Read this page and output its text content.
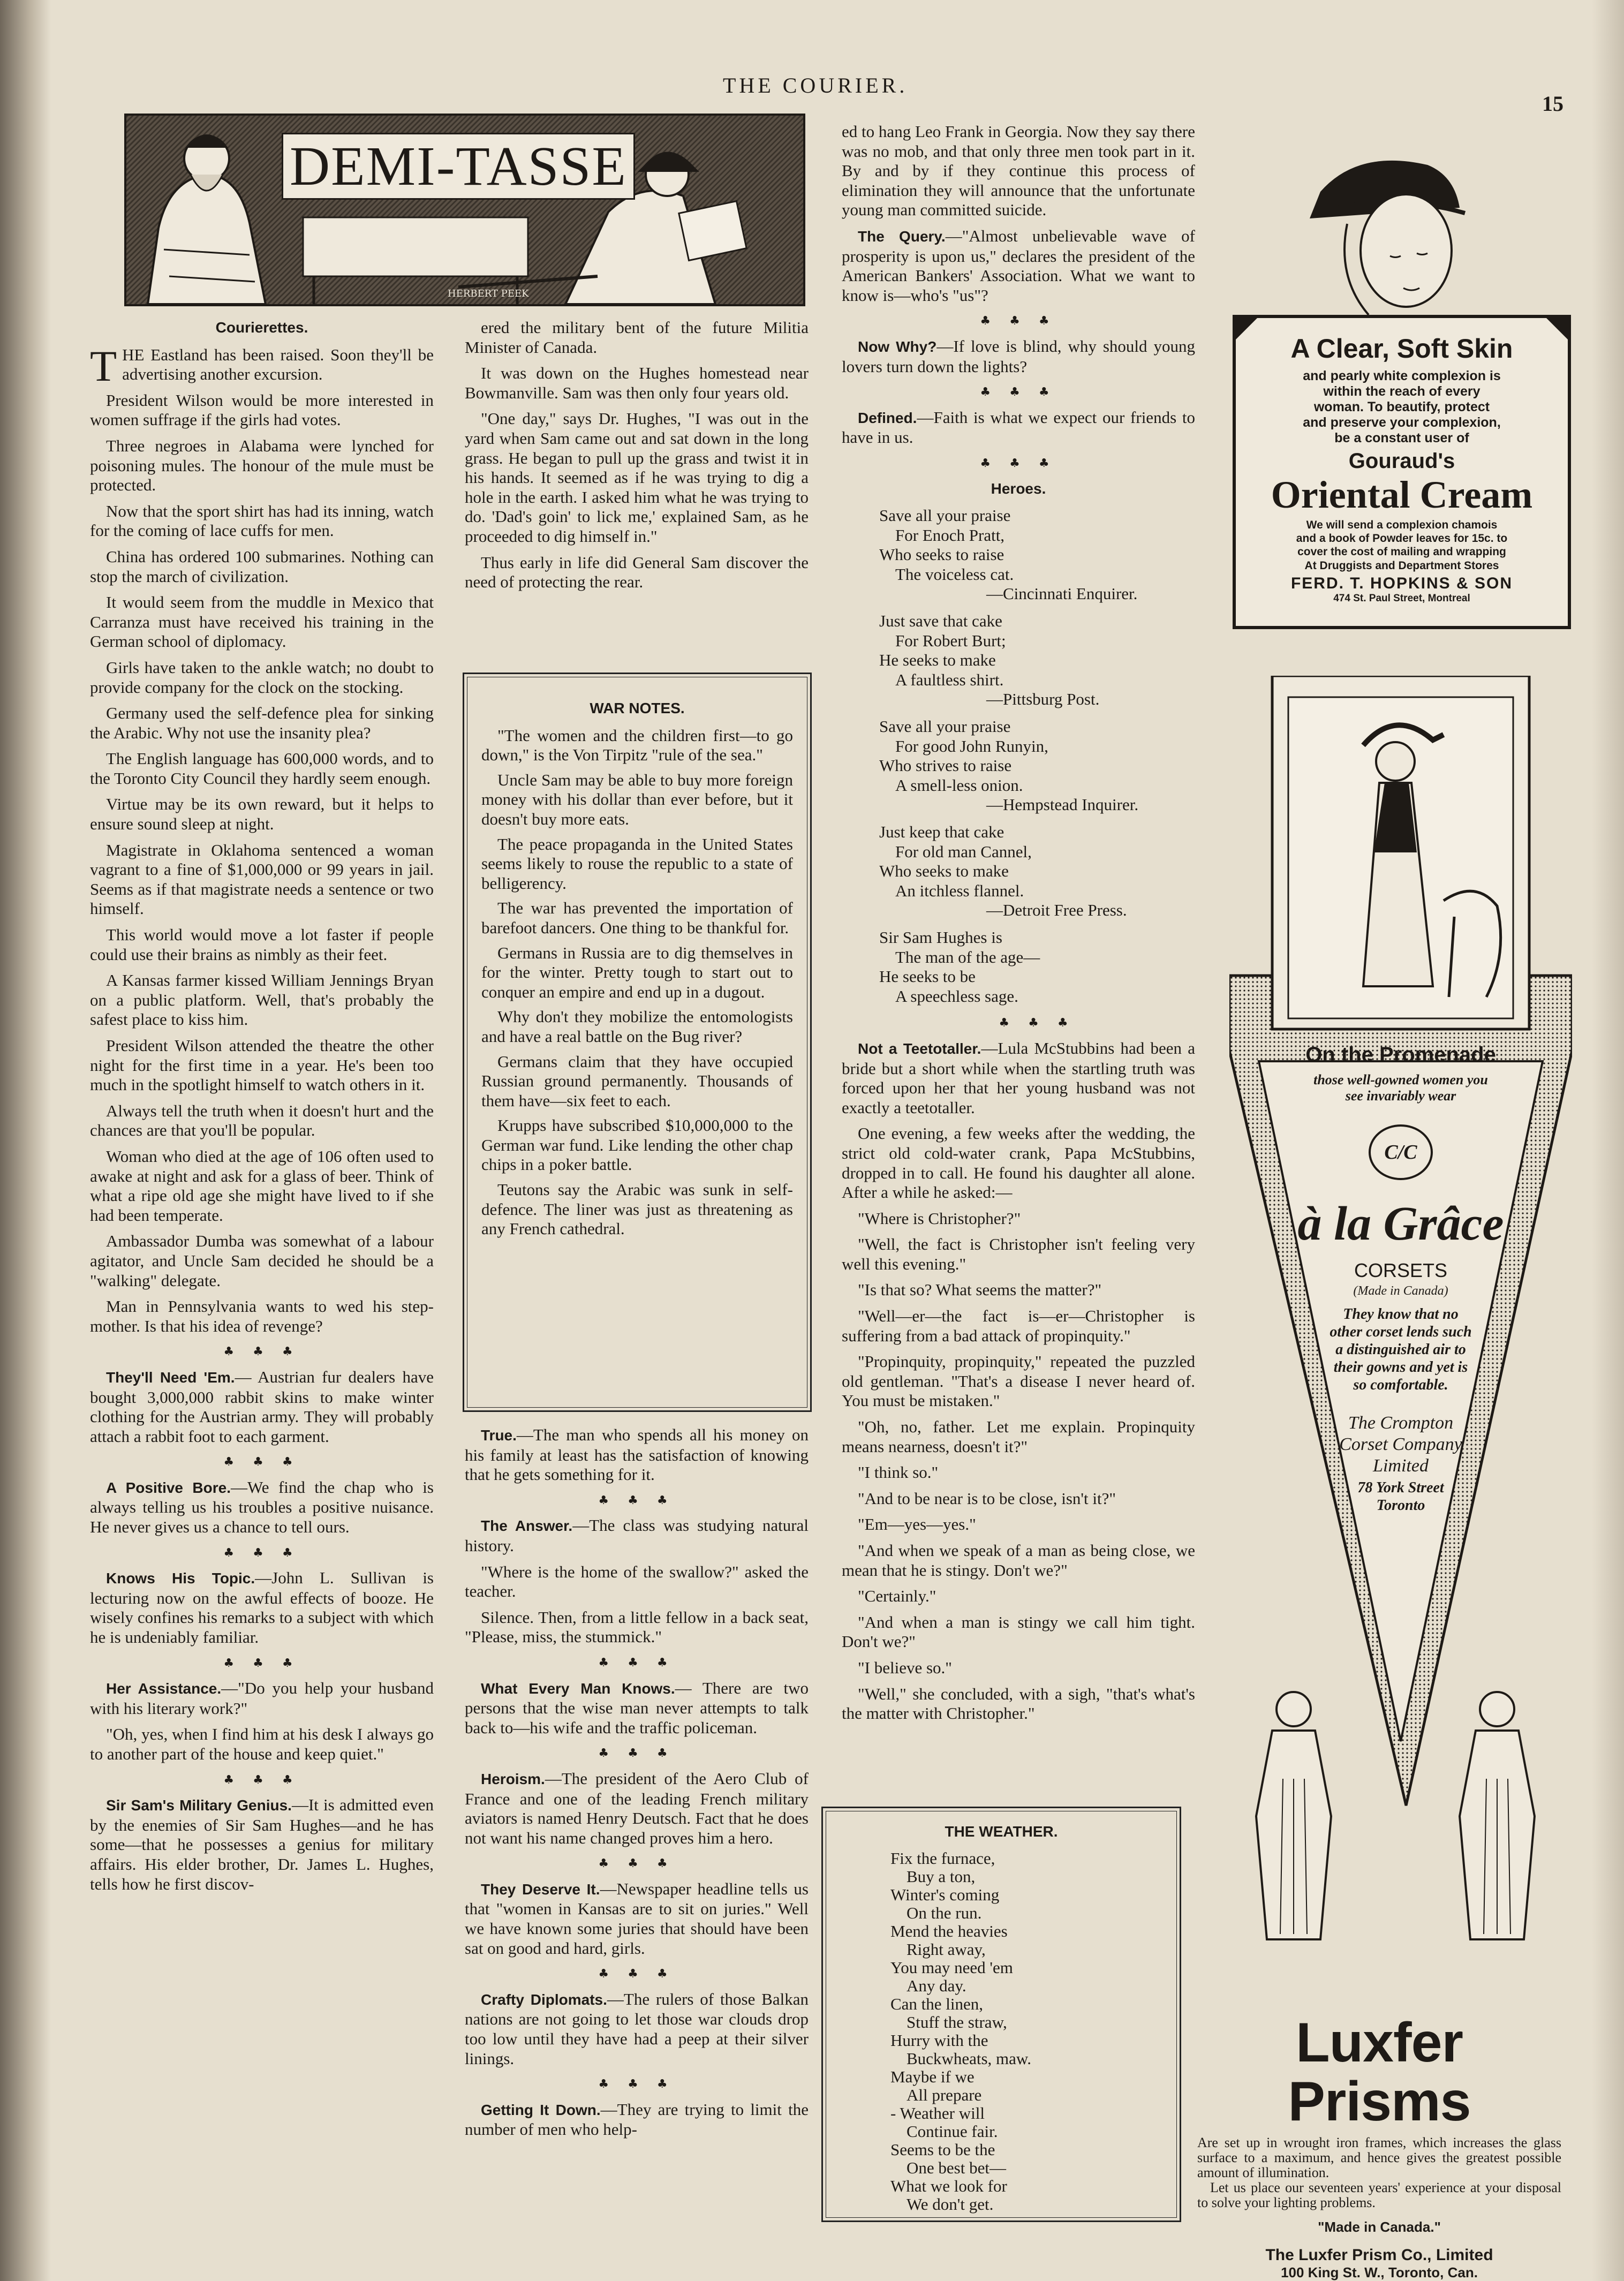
THE COURIER.
15
HERBERT PEEK
DEMI-TASSE
Courierettes.

THE Eastland has been raised. Soon they'll be advertising another excursion.

President Wilson would be more interested in women suffrage if the girls had votes.

Three negroes in Alabama were lynched for poisoning mules. The honour of the mule must be protected.

Now that the sport shirt has had its inning, watch for the coming of lace cuffs for men.

China has ordered 100 submarines. Nothing can stop the march of civilization.

It would seem from the muddle in Mexico that Carranza must have received his training in the German school of diplomacy.

Girls have taken to the ankle watch; no doubt to provide company for the clock on the stocking.

Germany used the self-defence plea for sinking the Arabic. Why not use the insanity plea?

The English language has 600,000 words, and to the Toronto City Council they hardly seem enough.

Virtue may be its own reward, but it helps to ensure sound sleep at night.

Magistrate in Oklahoma sentenced a woman vagrant to a fine of $1,000,000 or 99 years in jail. Seems as if that magistrate needs a sentence or two himself.

This world would move a lot faster if people could use their brains as nimbly as their feet.

A Kansas farmer kissed William Jennings Bryan on a public platform. Well, that's probably the safest place to kiss him.

President Wilson attended the theatre the other night for the first time in a year. He's been too much in the spotlight himself to watch others in it.

Always tell the truth when it doesn't hurt and the chances are that you'll be popular.

Woman who died at the age of 106 often used to awake at night and ask for a glass of beer. Think of what a ripe old age she might have lived to if she had been temperate.

Ambassador Dumba was somewhat of a labour agitator, and Uncle Sam decided he should be a "walking" delegate.

Man in Pennsylvania wants to wed his step-mother. Is that his idea of revenge?

♣ ♣ ♣

They'll Need 'Em.— Austrian fur dealers have bought 3,000,000 rabbit skins to make winter clothing for the Austrian army. They will probably attach a rabbit foot to each garment.

♣ ♣ ♣

A Positive Bore.—We find the chap who is always telling us his troubles a positive nuisance. He never gives us a chance to tell ours.

♣ ♣ ♣

Knows His Topic.—John L. Sullivan is lecturing now on the awful effects of booze. He wisely confines his remarks to a subject with which he is undeniably familiar.

♣ ♣ ♣

Her Assistance.—"Do you help your husband with his literary work?"

"Oh, yes, when I find him at his desk I always go to another part of the house and keep quiet."

♣ ♣ ♣

Sir Sam's Military Genius.—It is admitted even by the enemies of Sir Sam Hughes—and he has some—that he possesses a genius for military affairs. His elder brother, Dr. James L. Hughes, tells how he first discov-

ered the military bent of the future Militia Minister of Canada.

It was down on the Hughes homestead near Bowmanville. Sam was then only four years old.

"One day," says Dr. Hughes, "I was out in the yard when Sam came out and sat down in the long grass. He began to pull up the grass and twist it in his hands. It seemed as if he was trying to dig a hole in the earth. I asked him what he was trying to do. 'Dad's goin' to lick me,' explained Sam, as he proceeded to dig himself in."

Thus early in life did General Sam discover the need of protecting the rear.

WAR NOTES.

"The women and the children first—to go down," is the Von Tirpitz "rule of the sea."

Uncle Sam may be able to buy more foreign money with his dollar than ever before, but it doesn't buy more eats.

The peace propaganda in the United States seems likely to rouse the republic to a state of belligerency.

The war has prevented the importation of barefoot dancers. One thing to be thankful for.

Germans in Russia are to dig themselves in for the winter. Pretty tough to start out to conquer an empire and end up in a dugout.

Why don't they mobilize the entomologists and have a real battle on the Bug river?

Germans claim that they have occupied Russian ground permanently. Thousands of them have—six feet to each.

Krupps have subscribed $10,000,000 to the German war fund. Like lending the other chap chips in a poker battle.

Teutons say the Arabic was sunk in self-defence. The liner was just as threatening as any French cathedral.

True.—The man who spends all his money on his family at least has the satisfaction of knowing that he gets something for it.

♣ ♣ ♣

The Answer.—The class was studying natural history.

"Where is the home of the swallow?" asked the teacher.

Silence. Then, from a little fellow in a back seat, "Please, miss, the stummick."

♣ ♣ ♣

What Every Man Knows.— There are two persons that the wise man never attempts to talk back to—his wife and the traffic policeman.

♣ ♣ ♣

Heroism.—The president of the Aero Club of France and one of the leading French military aviators is named Henry Deutsch. Fact that he does not want his name changed proves him a hero.

♣ ♣ ♣

They Deserve It.—Newspaper headline tells us that "women in Kansas are to sit on juries." Well we have known some juries that should have been sat on good and hard, girls.

♣ ♣ ♣

Crafty Diplomats.—The rulers of those Balkan nations are not going to let those war clouds drop too low until they have had a peep at their silver linings.

♣ ♣ ♣

Getting It Down.—They are trying to limit the number of men who help-

ed to hang Leo Frank in Georgia. Now they say there was no mob, and that only three men took part in it. By and by if they continue this process of elimination they will announce that the unfortunate young man committed suicide.

The Query.—"Almost unbelievable wave of prosperity is upon us," declares the president of the American Bankers' Association. What we want to know is—who's "us"?

♣ ♣ ♣

Now Why?—If love is blind, why should young lovers turn down the lights?

♣ ♣ ♣

Defined.—Faith is what we expect our friends to have in us.

♣ ♣ ♣
Heroes.
Save all your praise
For Enoch Pratt,
Who seeks to raise
The voiceless cat.
—Cincinnati Enquirer.
Just save that cake
For Robert Burt;
He seeks to make
A faultless shirt.
—Pittsburg Post.
Save all your praise
For good John Runyin,
Who strives to raise
A smell-less onion.
—Hempstead Inquirer.
Just keep that cake
For old man Cannel,
Who seeks to make
An itchless flannel.
—Detroit Free Press.
Sir Sam Hughes is
The man of the age—
He seeks to be
A speechless sage.
♣ ♣ ♣

Not a Teetotaller.—Lula McStubbins had been a bride but a short while when the startling truth was forced upon her that her young husband was not exactly a teetotaller.

One evening, a few weeks after the wedding, the strict old cold-water crank, Papa McStubbins, dropped in to call. He found his daughter all alone. After a while he asked:—

"Where is Christopher?"

"Well, the fact is Christopher isn't feeling very well this evening."

"Is that so? What seems the matter?"

"Well—er—the fact is—er—Christopher is suffering from a bad attack of propinquity."

"Propinquity, propinquity," repeated the puzzled old gentleman. "That's a disease I never heard of. You must be mistaken."

"Oh, no, father. Let me explain. Propinquity means nearness, doesn't it?"

"I think so."

"And to be near is to be close, isn't it?"

"Em—yes—yes."

"And when we speak of a man as being close, we mean that he is stingy. Don't we?"

"Certainly."

"And when a man is stingy we call him tight. Don't we?"

"I believe so."

"Well," she concluded, with a sigh, "that's what's the matter with Christopher."

THE WEATHER.
Fix the furnace,
Buy a ton,
Winter's coming
On the run.
Mend the heavies
Right away,
You may need 'em
Any day.
Can the linen,
Stuff the straw,
Hurry with the
Buckwheats, maw.
Maybe if we
All prepare
- Weather will
Continue fair.
Seems to be the
One best bet—
What we look for
We don't get.
A Clear, Soft Skin
and pearly white complexion is
within the reach of every
woman. To beautify, protect
and preserve your complexion,
be a constant user of
Gouraud's
Oriental Cream
We will send a complexion chamois
and a book of Powder leaves for 15c. to
cover the cost of mailing and wrapping
At Druggists and Department Stores
FERD. T. HOPKINS & SON
474 St. Paul Street, Montreal
On the Promenade
those well-gowned women you
see invariably wear
C/C
à la Grâce
CORSETS
(Made in Canada)
They know that no
other corset lends such
a distinguished air to
their gowns and yet is
so comfortable.
The Crompton
Corset Company
Limited
78 York Street
Toronto
Luxfer Prisms
Are set up in wrought iron frames, which increases the glass surface to a maximum, and hence gives the greatest possible amount of illumination.
Let us place our seventeen years' experience at your disposal to solve your lighting problems.
"Made in Canada."
The Luxfer Prism Co., Limited
100 King St. W., Toronto, Can.
